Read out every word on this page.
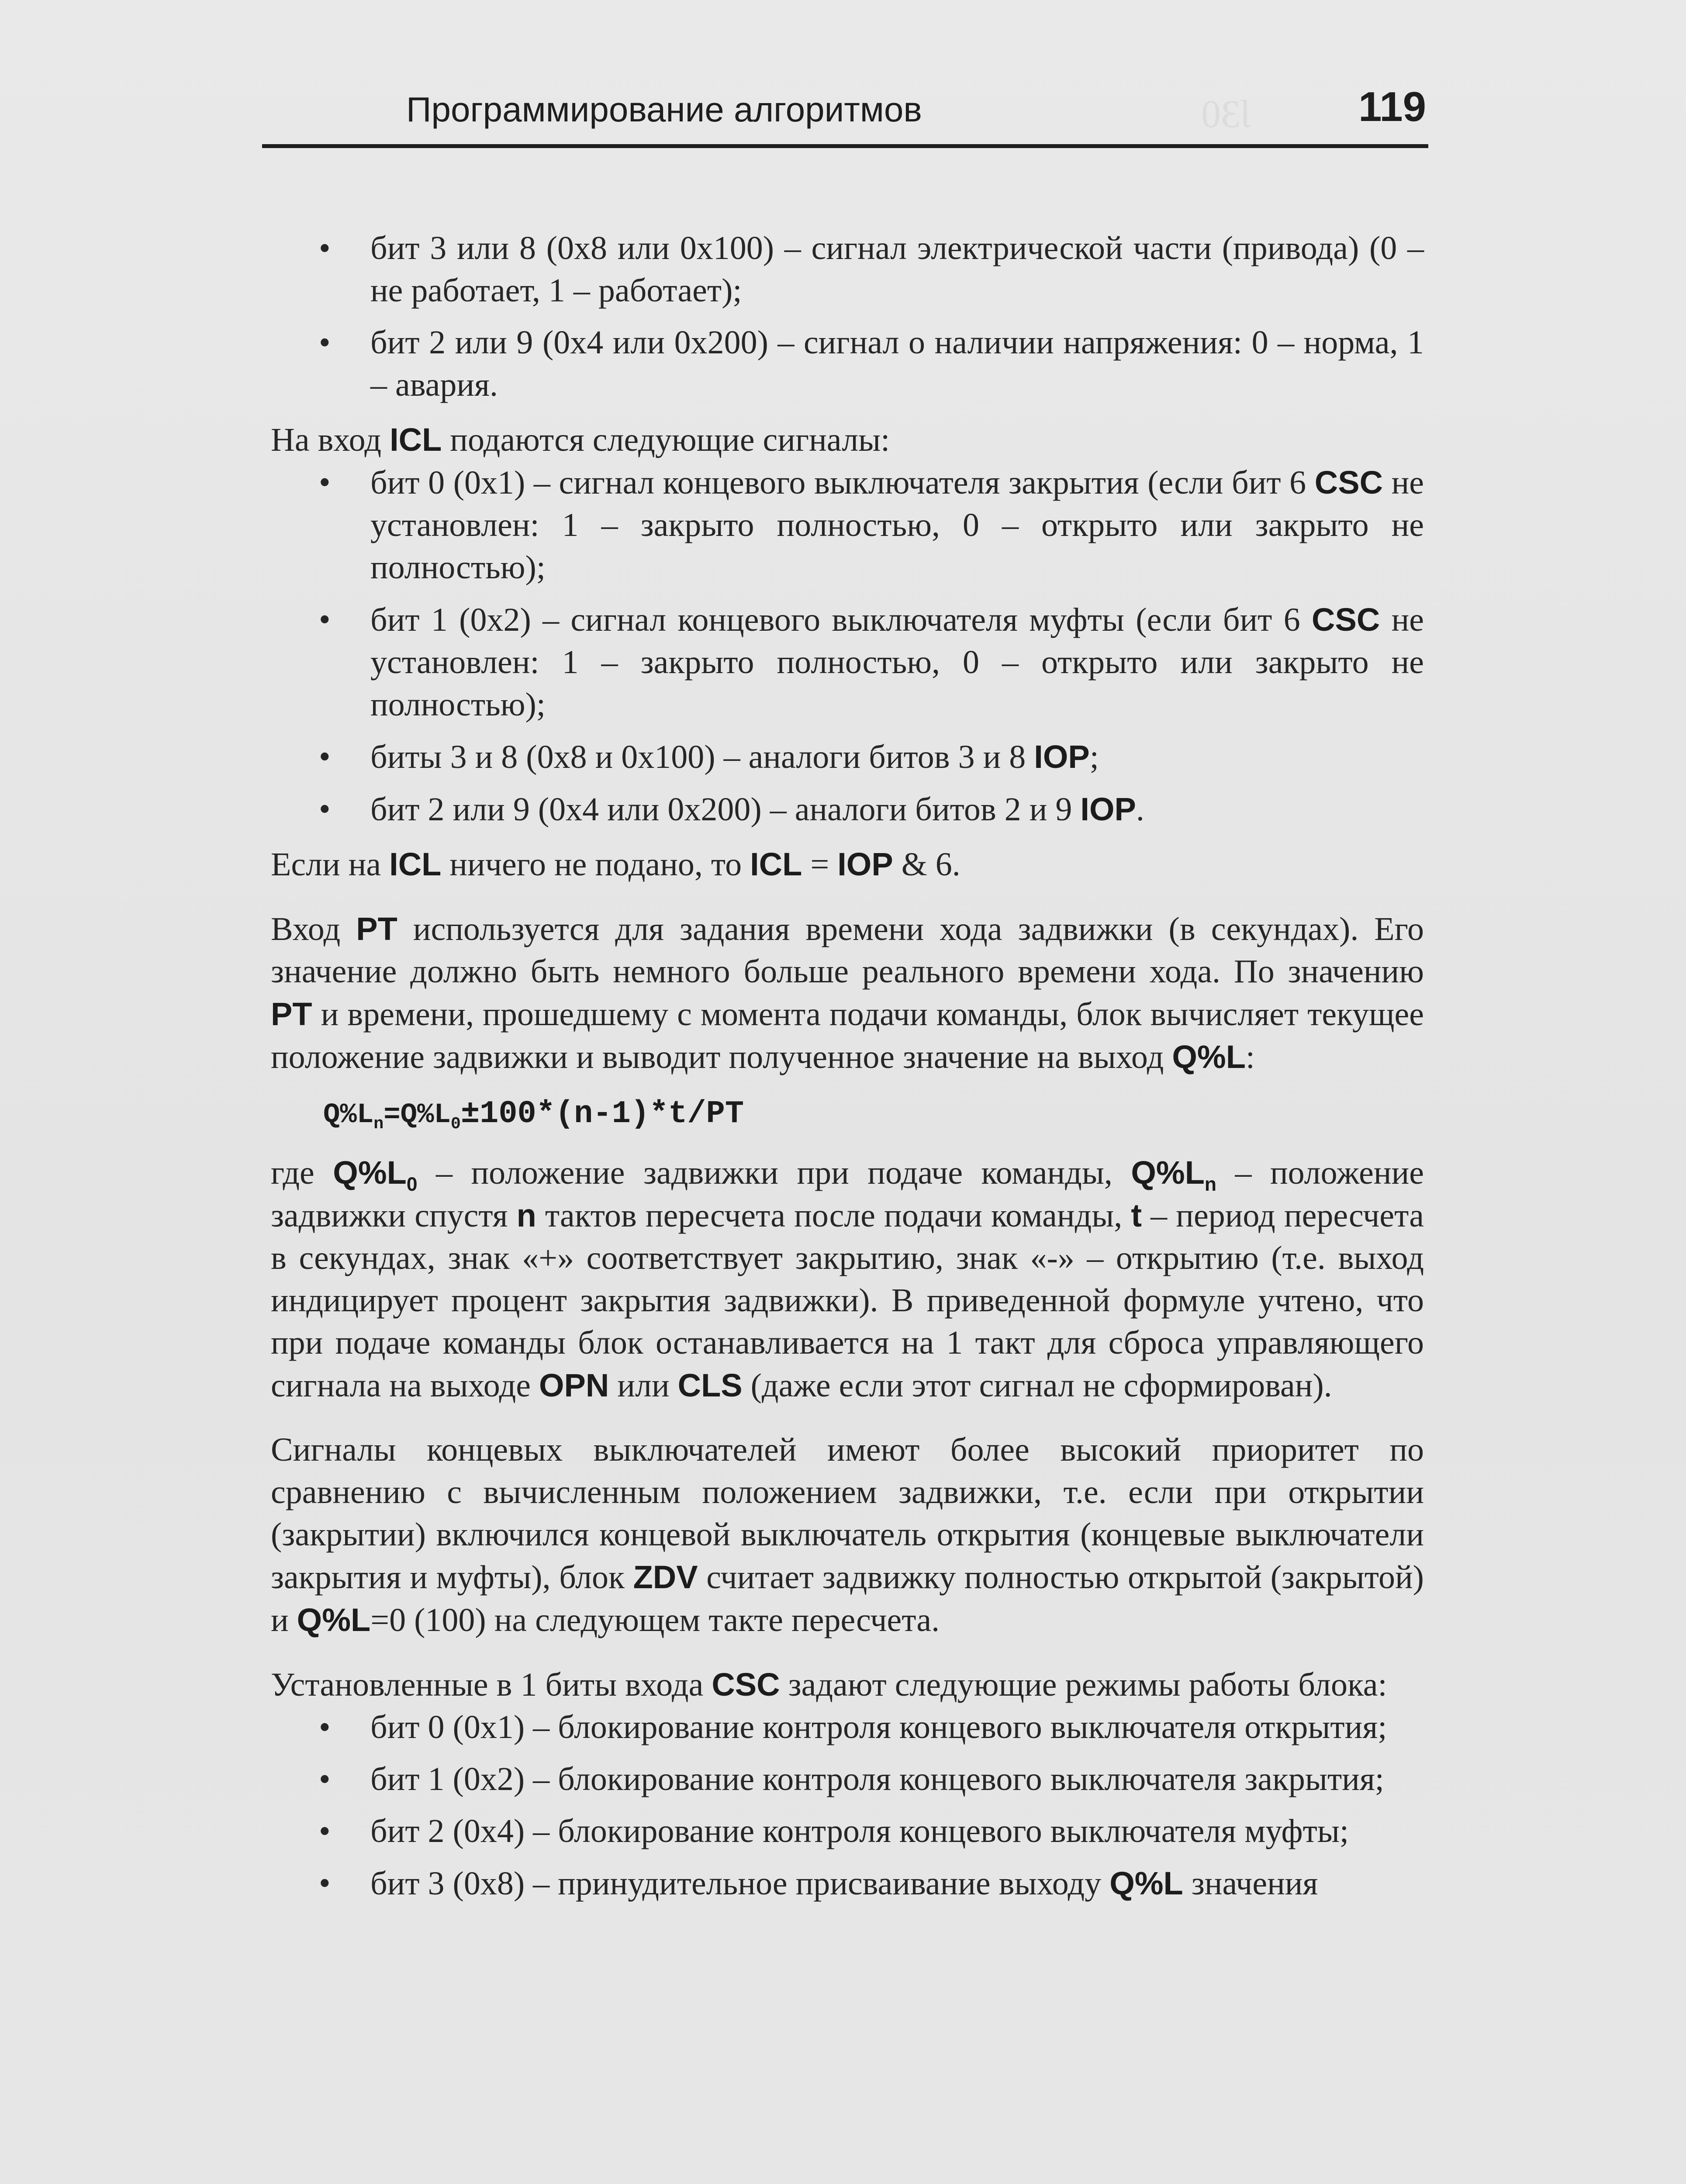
0ƐƖ
Программирование алгоритмов	119
• бит 3 или 8 (0x8 или 0x100) – сигнал электрической части (привода) (0 – не работает, 1 – работает);
• бит 2 или 9 (0x4 или 0x200) – сигнал о наличии напряжения: 0 – норма, 1 – авария.

На вход ICL подаются следующие сигналы:

• бит 0 (0x1) – сигнал концевого выключателя закрытия (если бит 6 CSC не установлен: 1 – закрыто полностью, 0 – открыто или закрыто не полностью);
• бит 1 (0x2) – сигнал концевого выключателя муфты (если бит 6 CSC не установлен: 1 – закрыто полностью, 0 – открыто или закрыто не полностью);
• биты 3 и 8 (0x8 и 0x100) – аналоги битов 3 и 8 IOP;
• бит 2 или 9 (0x4 или 0x200) – аналоги битов 2 и 9 IOP.

Если на ICL ничего не подано, то ICL = IOP & 6.

Вход PT используется для задания времени хода задвижки (в секундах). Его значение должно быть немного больше реального времени хода. По значению PT и времени, прошедшему с момента подачи команды, блок вычисляет текущее положение задвижки и выводит полученное значение на выход Q%L:

$Q\%L_n=Q\%L_0\pm 100*(n-1)*t/PT$

где $Q\%L_0$ – положение задвижки при подаче команды, $Q\%L_n$ – положение задвижки спустя n тактов пересчета после подачи команды, t – период пересчета в секундах, знак «+» соответствует закрытию, знак «-» – открытию (т.е. выход индицирует процент закрытия задвижки). В приведенной формуле учтено, что при подаче команды блок останавливается на 1 такт для сброса управляющего сигнала на выходе OPN или CLS (даже если этот сигнал не сформирован).

Сигналы концевых выключателей имеют более высокий приоритет по сравнению с вычисленным положением задвижки, т.е. если при открытии (закрытии) включился концевой выключатель открытия (концевые выключатели закрытия и муфты), блок ZDV считает задвижку полностью открытой (закрытой) и Q%L=0 (100) на следующем такте пересчета.

Установленные в 1 биты входа CSC задают следующие режимы работы блока:

• бит 0 (0x1) – блокирование контроля концевого выключателя открытия;
• бит 1 (0x2) – блокирование контроля концевого выключателя закрытия;
• бит 2 (0x4) – блокирование контроля концевого выключателя муфты;
• бит 3 (0x8) – принудительное присваивание выходу Q%L значения
